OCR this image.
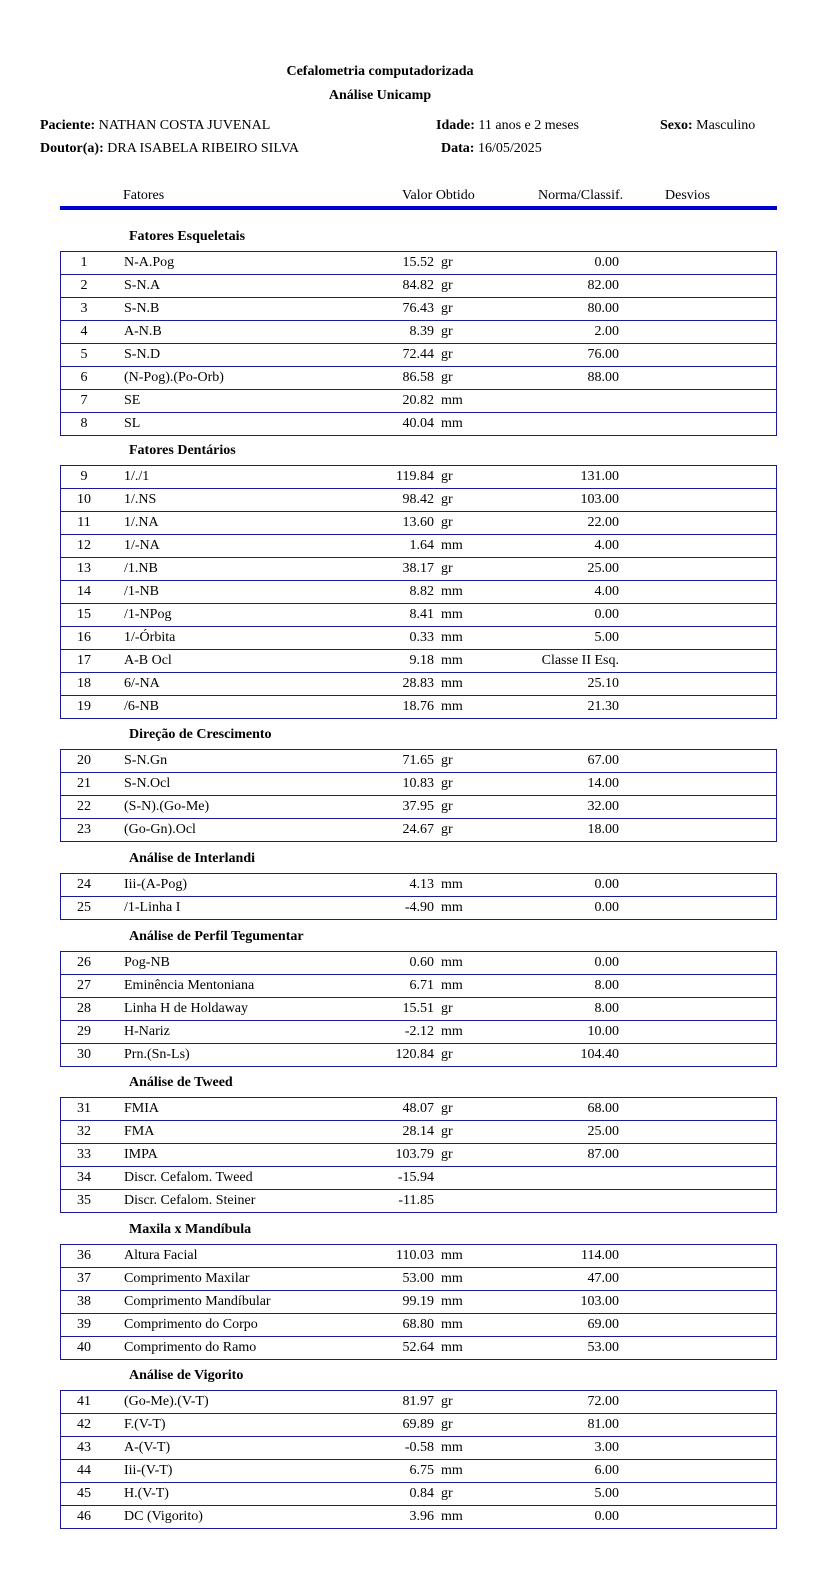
Cefalometria computadorizada
Análise Unicamp
Paciente: NATHAN COSTA JUVENAL	Idade: 11 anos e 2 meses	Sexo: Masculino
Doutor(a): DRA ISABELA RIBEIRO SILVA	Data: 16/05/2025
Fatores	Valor Obtido	Norma/Classif.	Desvios
Fatores Esqueletais
1	N-A.Pog	15.52 gr	0.00
2	S-N.A	84.82 gr	82.00
3	S-N.B	76.43 gr	80.00
4	A-N.B	8.39 gr	2.00
5	S-N.D	72.44 gr	76.00
6	(N-Pog).(Po-Orb)	86.58 gr	88.00
7	SE	20.82 mm
8	SL	40.04 mm
Fatores Dentários
9	1/./1	119.84 gr	131.00
10	1/.NS	98.42 gr	103.00
11	1/.NA	13.60 gr	22.00
12	1/-NA	1.64 mm	4.00
13	/1.NB	38.17 gr	25.00
14	/1-NB	8.82 mm	4.00
15	/1-NPog	8.41 mm	0.00
16	1/-Órbita	0.33 mm	5.00
17	A-B Ocl	9.18 mm	Classe II Esq.
18	6/-NA	28.83 mm	25.10
19	/6-NB	18.76 mm	21.30
Direção de Crescimento
20	S-N.Gn	71.65 gr	67.00
21	S-N.Ocl	10.83 gr	14.00
22	(S-N).(Go-Me)	37.95 gr	32.00
23	(Go-Gn).Ocl	24.67 gr	18.00
Análise de Interlandi
24	Iii-(A-Pog)	4.13 mm	0.00
25	/1-Linha I	-4.90 mm	0.00
Análise de Perfil Tegumentar
26	Pog-NB	0.60 mm	0.00
27	Eminência Mentoniana	6.71 mm	8.00
28	Linha H de Holdaway	15.51 gr	8.00
29	H-Nariz	-2.12 mm	10.00
30	Prn.(Sn-Ls)	120.84 gr	104.40
Análise de Tweed
31	FMIA	48.07 gr	68.00
32	FMA	28.14 gr	25.00
33	IMPA	103.79 gr	87.00
34	Discr. Cefalom. Tweed	-15.94
35	Discr. Cefalom. Steiner	-11.85
Maxila x Mandíbula
36	Altura Facial	110.03 mm	114.00
37	Comprimento Maxilar	53.00 mm	47.00
38	Comprimento Mandíbular	99.19 mm	103.00
39	Comprimento do Corpo	68.80 mm	69.00
40	Comprimento do Ramo	52.64 mm	53.00
Análise de Vigorito
41	(Go-Me).(V-T)	81.97 gr	72.00
42	F.(V-T)	69.89 gr	81.00
43	A-(V-T)	-0.58 mm	3.00
44	Iii-(V-T)	6.75 mm	6.00
45	H.(V-T)	0.84 gr	5.00
46	DC (Vigorito)	3.96 mm	0.00
